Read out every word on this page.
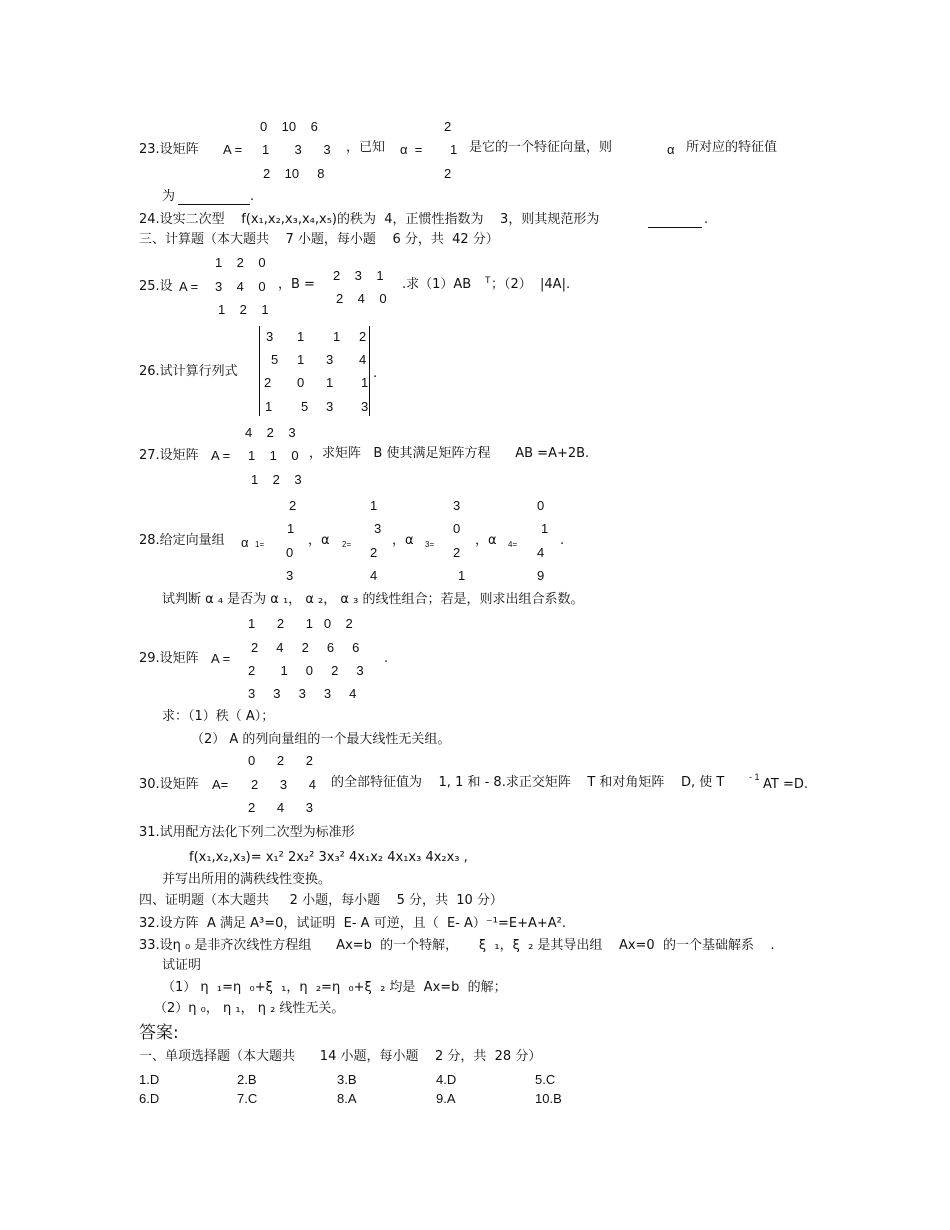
0    10    6
23.设矩阵 A = 1       3      3 ，已知 α  =
2    10     8
2
1
2
是它的一个特征向量，则	α 所对应的特征值
为	.
24.设实二次型    f(x₁,x₂,x₃,x₄,x₅)的秩为  4，正惯性指数为    3，则其规范形为	.
三、计算题（本大题共    7 小题，每小题    6 分，共  42 分）
1    2    0
25.设 A = 3    4    0
1    2    1
，B =
2    3    1
2    4    0
.求（1）AB T ；（2）  |4A|.
3 1 1 2
26.试计算行列式
5 1 3 4
2 0 1 1
.
1 5 3 3
4    2    3
27.设矩阵 A = 1    1    0 ，求矩阵   B 使其满足矩阵方程      AB =A+2B.
1    2    3
2
1
0
3
1
3
2
4
3
0
2
1
0
1
4
9
28.给定向量组 α 1=	，α 2=	，α 3=	，α 4=	.
试判断 α ₄ 是否为 α ₁， α ₂， α ₃ 的线性组合；若是，则求出组合系数。
1      2      1   0    2
2     4     2     6     6
29.设矩阵 A =
2       1     0     2     3
.
3     3     3     3     4
求：（1）秩（ A）；
（2） A 的列向量组的一个最大线性无关组。
0      2      2
30.设矩阵 A= 2      3      4 的全部特征值为    1, 1 和 - 8.求正交矩阵    T 和对角矩阵    D, 使 T	- 1 AT =D.
2      4      3
31.试用配方法化下列二次型为标准形
f(x₁,x₂,x₃)= x₁² 2x₂² 3x₃² 4x₁x₂ 4x₁x₃ 4x₂x₃ ,
并写出所用的满秩线性变换。
四、证明题（本大题共     2 小题，每小题    5 分，共  10 分）
32.设方阵  A 满足 A³=0，试证明  E- A 可逆，且（  E- A）⁻¹=E+A+A².
33.设η ₀ 是非齐次线性方程组      Ax=b  的一个特解，     ξ  ₁，ξ  ₂ 是其导出组    Ax=0  的一个基础解系    .
试证明
（1） η  ₁=η  ₀+ξ  ₁，η  ₂=η  ₀+ξ  ₂ 均是  Ax=b  的解；
（2）η ₀， η ₁， η ₂ 线性无关。
答案:
一、单项选择题（本大题共      14 小题，每小题    2 分，共  28 分）
1.D	2.B	3.B	4.D	5.C
6.D	7.C	8.A	9.A	10.B
